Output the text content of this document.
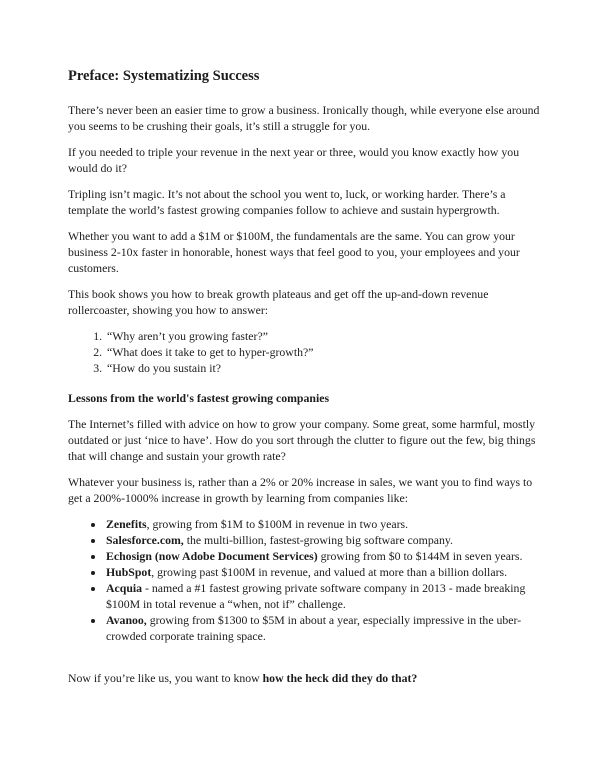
Preface: Systematizing Success

There’s never been an easier time to grow a business. Ironically though, while everyone else around you seems to be crushing their goals, it’s still a struggle for you.

If you needed to triple your revenue in the next year or three, would you know exactly how you would do it?

Tripling isn’t magic. It’s not about the school you went to, luck, or working harder. There’s a template the world’s fastest growing companies follow to achieve and sustain hypergrowth.

Whether you want to add a $1M or $100M, the fundamentals are the same. You can grow your business 2-10x faster in honorable, honest ways that feel good to you, your employees and your customers.

This book shows you how to break growth plateaus and get off the up-and-down revenue rollercoaster, showing you how to answer:

1. “Why aren’t you growing faster?”
2. “What does it take to get to hyper-growth?”
3. “How do you sustain it?
Lessons from the world's fastest growing companies

The Internet’s filled with advice on how to grow your company. Some great, some harmful, mostly outdated or just ‘nice to have’. How do you sort through the clutter to figure out the few, big things that will change and sustain your growth rate?

Whatever your business is, rather than a 2% or 20% increase in sales, we want you to find ways to get a 200%-1000% increase in growth by learning from companies like:

• Zenefits, growing from $1M to $100M in revenue in two years.
• Salesforce.com, the multi-billion, fastest-growing big software company.
• Echosign (now Adobe Document Services) growing from $0 to $144M in seven years.
• HubSpot, growing past $100M in revenue, and valued at more than a billion dollars.
• Acquia - named a #1 fastest growing private software company in 2013 - made breaking $100M in total revenue a “when, not if” challenge.
• Avanoo, growing from $1300 to $5M in about a year, especially impressive in the uber-crowded corporate training space.

Now if you’re like us, you want to know how the heck did they do that?
